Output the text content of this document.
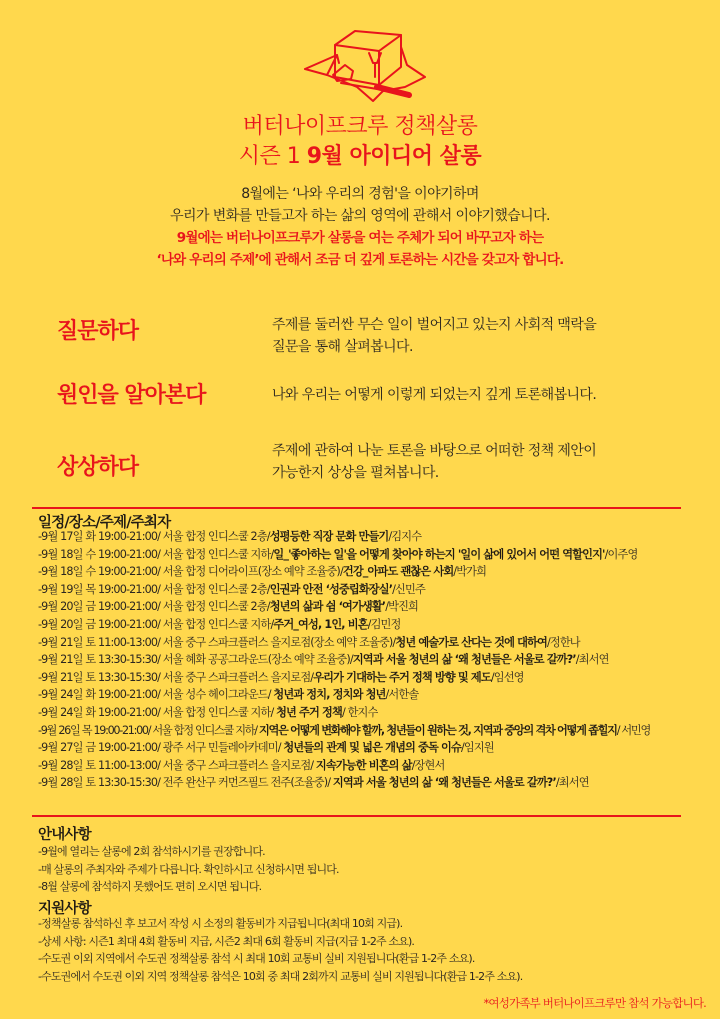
버터나이프크루 정책살롱
시즌 1 9월 아이디어 살롱
8월에는 ‘나와 우리의 경험'을 이야기하며
우리가 변화를 만들고자 하는 삶의 영역에 관해서 이야기했습니다.
9월에는 버터나이프크루가 살롱을 여는 주체가 되어 바꾸고자 하는
‘나와 우리의 주제’에 관해서 조금 더 깊게 토론하는 시간을 갖고자 합니다.
질문하다	주제를 둘러싼 무슨 일이 벌어지고 있는지 사회적 맥락을
질문을 통해 살펴봅니다.
원인을 알아본다	나와 우리는 어떻게 이렇게 되었는지 깊게 토론해봅니다.
상상하다
주제에 관하여 나눈 토론을 바탕으로 어떠한 정책 제안이
가능한지 상상을 펼쳐봅니다.
일정/장소/주제/주최자
-9월 17일 화 19:00-21:00/ 서울 합정 인디스쿨 2층/성평등한 직장 문화 만들기/김지수
-9월 18일 수 19:00-21:00/ 서울 합정 인디스쿨 지하/일_'좋아하는 일'을 어떻게 찾아야 하는지 '일이 삶에 있어서 어떤 역할인지'/이주영
-9월 18일 수 19:00-21:00/ 서울 합정 디어라이프(장소 예약 조율중)/건강_아파도 괜찮은 사회/박가희
-9월 19일 목 19:00-21:00/ 서울 합정 인디스쿨 2층/인권과 안전 ‘성중립화장실’/신민주
-9월 20일 금 19:00-21:00/ 서울 합정 인디스쿨 2층/청년의 삶과 쉼 ‘여가생활’/박진희
-9월 20일 금 19:00-21:00/ 서울 합정 인디스쿨 지하/주거_여성, 1인, 비혼/김민정
-9월 21일 토 11:00-13:00/ 서울 중구 스파크플러스 을지로점(장소 예약 조율중)/청년 예술가로 산다는 것에 대하여/정한나
-9월 21일 토 13:30-15:30/ 서울 혜화 공공그라운드(장소 예약 조율중)/지역과 서울 청년의 삶 ‘왜 청년들은 서울로 갈까?’/최서연
-9월 21일 토 13:30-15:30/ 서울 중구 스파크플러스 을지로점/우리가 기대하는 주거 정책 방향 및 제도/임선영
-9월 24일 화 19:00-21:00/ 서울 성수 헤이그라운드/ 청년과 정치, 정치와 청년/서한솔
-9월 24일 화 19:00-21:00/ 서울 합정 인디스쿨 지하/ 청년 주거 정책/ 한지수
-9월 26일 목 19:00-21:00/ 서울 합정 인디스쿨 지하/ 지역은 어떻게 변화해야 할까, 청년들이 원하는 것, 지역과 중앙의 격차 어떻게 좁힐지/ 서민영
-9월 27일 금 19:00-21:00/ 광주 서구 민들레아카데미/ 청년들의 관계 및 넓은 개념의 중독 이슈/임지원
-9월 28일 토 11:00-13:00/ 서울 중구 스파크플러스 을지로점/ 지속가능한 비혼의 삶/장현서
-9월 28일 토 13:30-15:30/ 전주 완산구 커먼즈필드 전주(조율중)/ 지역과 서울 청년의 삶 ‘왜 청년들은 서울로 갈까?’/최서연
안내사항
-9월에 열리는 살롱에 2회 참석하시기를 권장합니다.
-매 살롱의 주최자와 주제가 다릅니다. 확인하시고 신청하시면 됩니다.
-8월 살롱에 참석하지 못했어도 편히 오시면 됩니다.
지원사항
-정책살롱 참석하신 후 보고서 작성 시 소정의 활동비가 지급됩니다(최대 10회 지급).
-상세 사항: 시즌1 최대 4회 활동비 지급, 시즌2 최대 6회 활동비 지급(지급 1-2주 소요).
-수도권 이외 지역에서 수도권 정책살롱 참석 시 최대 10회 교통비 실비 지원됩니다(환급 1-2주 소요).
-수도권에서 수도권 이외 지역 정책살롱 참석은 10회 중 최대 2회까지 교통비 실비 지원됩니다(환급 1-2주 소요).
*여성가족부 버터나이프크루만 참석 가능합니다.
